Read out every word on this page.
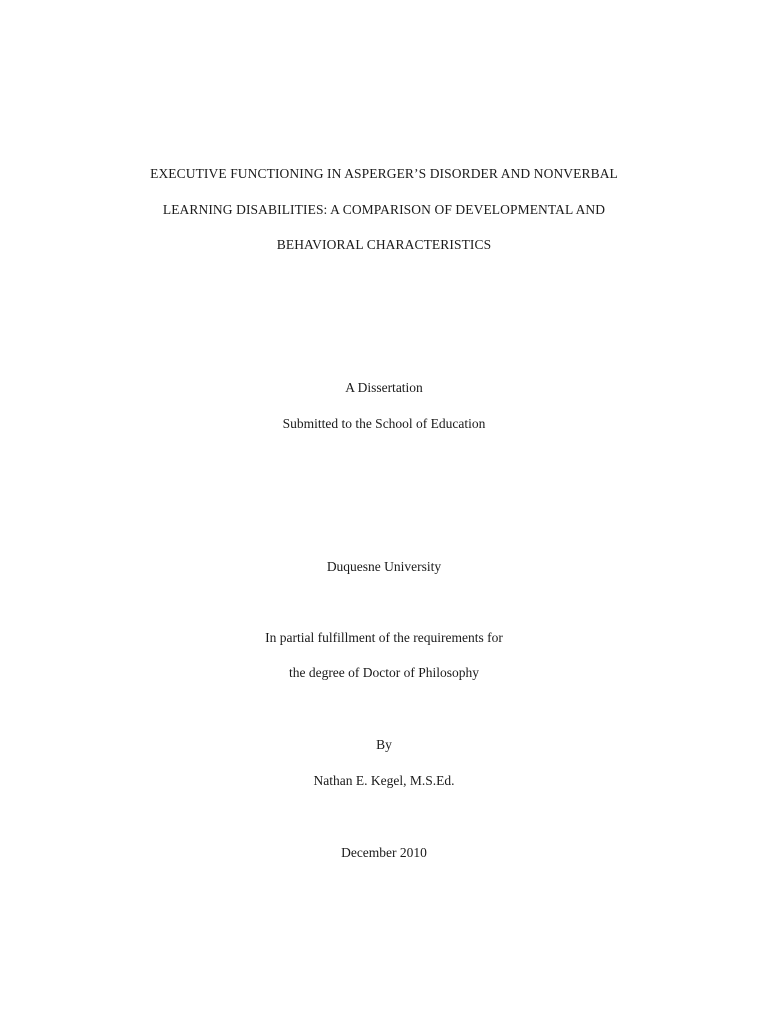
EXECUTIVE FUNCTIONING IN ASPERGER’S DISORDER AND NONVERBAL
LEARNING DISABILITIES: A COMPARISON OF DEVELOPMENTAL AND
BEHAVIORAL CHARACTERISTICS
A Dissertation
Submitted to the School of Education
Duquesne University
In partial fulfillment of the requirements for
the degree of Doctor of Philosophy
By
Nathan E. Kegel, M.S.Ed.
December 2010
